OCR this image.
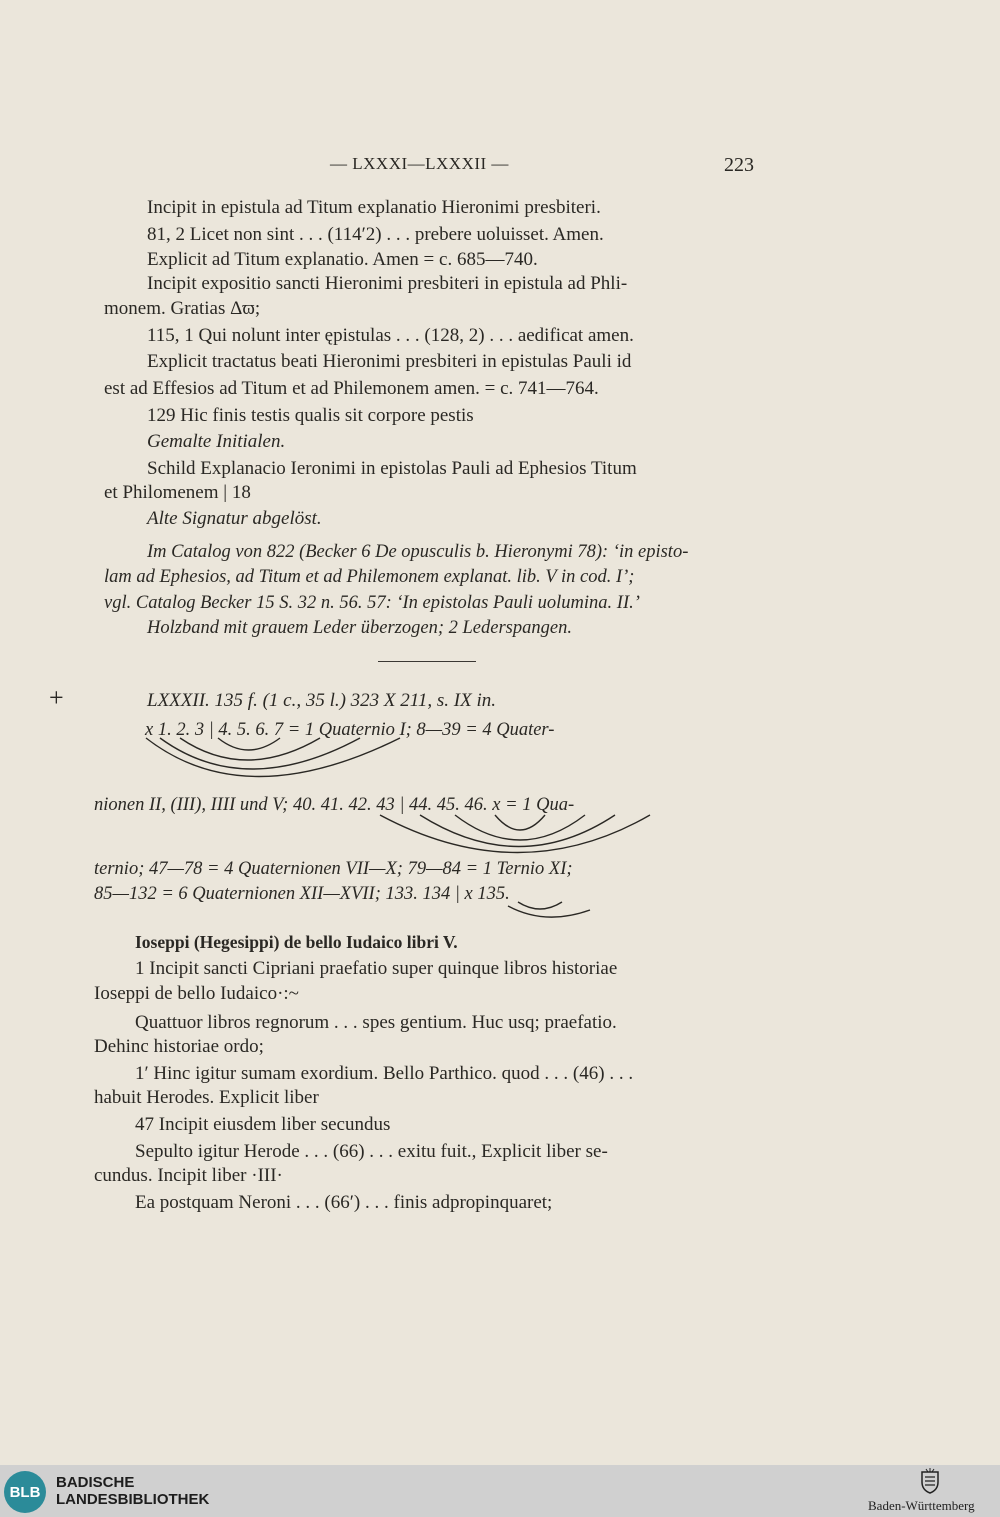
— LXXXI—LXXXII —	223
Incipit in epistula ad Titum explanatio Hieronimi presbiteri.
81, 2 Licet non sint . . . (114′2) . . . prebere uoluisset. Amen.
Explicit ad Titum explanatio. Amen = c. 685—740.
Incipit expositio sancti Hieronimi presbiteri in epistula ad Phli-
monem. Gratias Δϖ;
115, 1 Qui nolunt inter ępistulas . . . (128, 2) . . . aedificat amen.
Explicit tractatus beati Hieronimi presbiteri in epistulas Pauli id
est ad Effesios ad Titum et ad Philemonem amen. = c. 741—764.
129 Hic finis testis qualis sit corpore pestis
Gemalte Initialen.
Schild Explanacio Ieronimi in epistolas Pauli ad Ephesios Titum
et Philomenem | 18
Alte Signatur abgelöst.
Im Catalog von 822 (Becker 6 De opusculis b. Hieronymi 78): ‘in episto-
lam ad Ephesios, ad Titum et ad Philemonem explanat. lib. V in cod. I’;
vgl. Catalog Becker 15 S. 32 n. 56. 57: ‘In epistolas Pauli uolumina. II.’
Holzband mit grauem Leder überzogen; 2 Lederspangen.
+	LXXXII. 135 f. (1 c., 35 l.) 323 X 211, s. IX in.
x 1. 2. 3 | 4. 5. 6. 7 = 1 Quaternio I; 8—39 = 4 Quater-
nionen II, (III), IIII und V; 40. 41. 42. 43 | 44. 45. 46. x = 1 Qua-
ternio; 47—78 = 4 Quaternionen VII—X; 79—84 = 1 Ternio XI;
85—132 = 6 Quaternionen XII—XVII; 133. 134 | x 135.
Ioseppi (Hegesippi) de bello Iudaico libri V.
1 Incipit sancti Cipriani praefatio super quinque libros historiae
Ioseppi de bello Iudaico·:~
Quattuor libros regnorum . . . spes gentium. Huc usq; praefatio.
Dehinc historiae ordo;
1′ Hinc igitur sumam exordium. Bello Parthico. quod . . . (46) . . .
habuit Herodes. Explicit liber
47 Incipit eiusdem liber secundus
Sepulto igitur Herode . . . (66) . . . exitu fuit., Explicit liber se-
cundus. Incipit liber ·III·
Ea postquam Neroni . . . (66′) . . . finis adpropinquaret;
BLB
BADISCHE
LANDESBIBLIOTHEK	Baden-Württemberg
